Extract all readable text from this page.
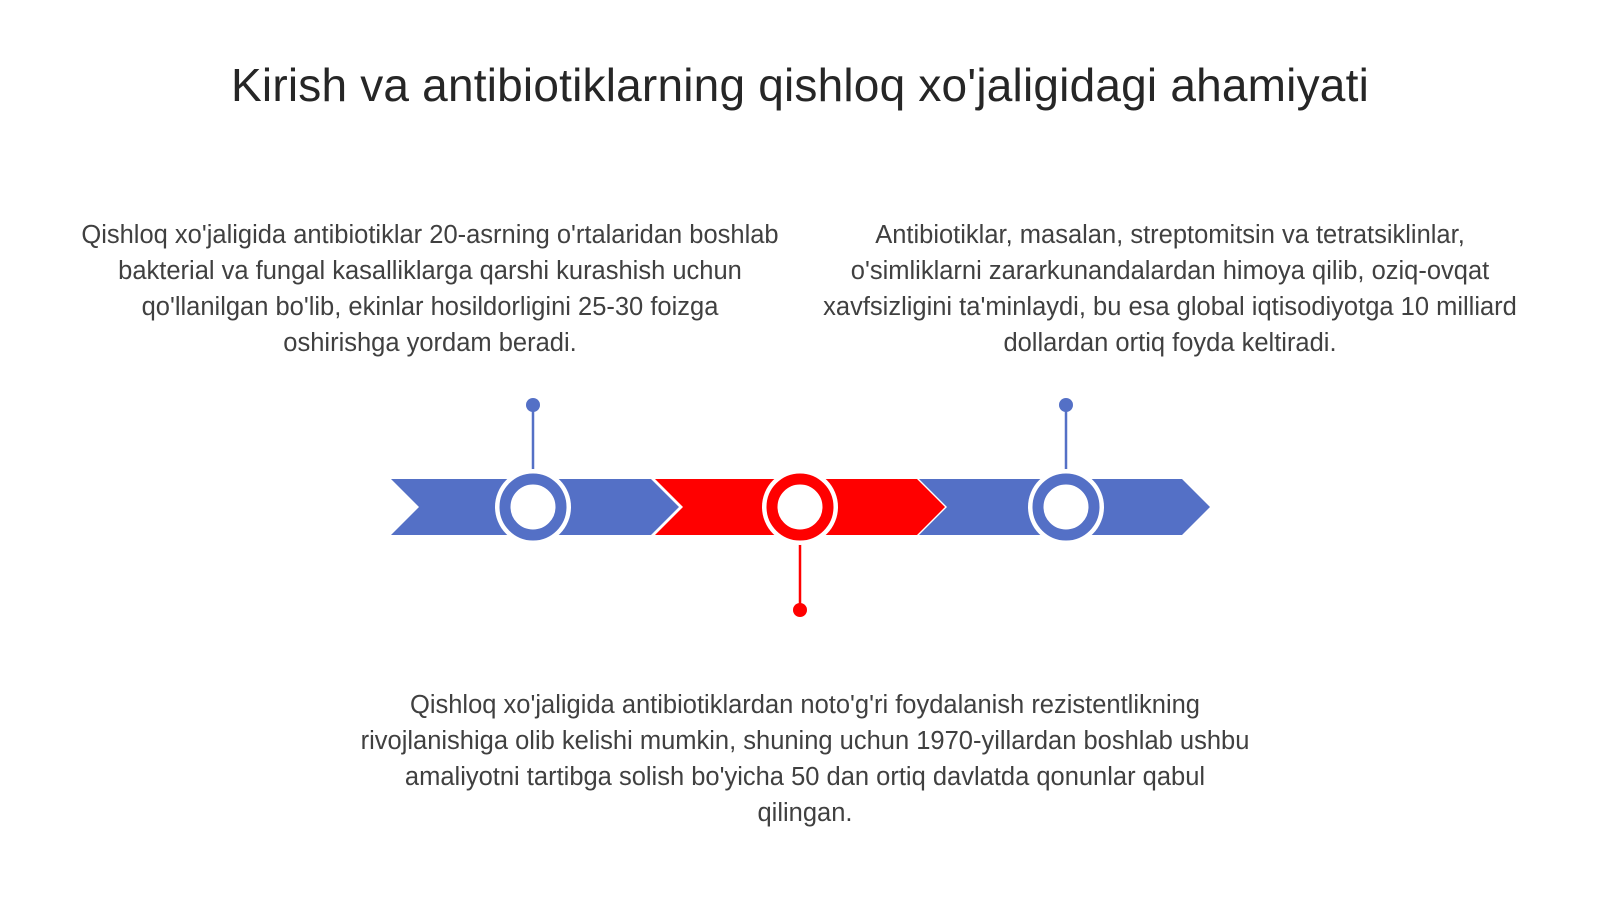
Kirish va antibiotiklarning qishloq xo'jaligidagi ahamiyati
Qishloq xo'jaligida antibiotiklar 20-asrning o'rtalaridan boshlab bakterial va fungal kasalliklarga qarshi kurashish uchun qo'llanilgan bo'lib, ekinlar hosildorligini 25-30 foizga oshirishga yordam beradi.
Antibiotiklar, masalan, streptomitsin va tetratsiklinlar, o'simliklarni zararkunandalardan himoya qilib, oziq-ovqat xavfsizligini ta'minlaydi, bu esa global iqtisodiyotga 10 milliard dollardan ortiq foyda keltiradi.
Qishloq xo'jaligida antibiotiklardan noto'g'ri foydalanish rezistentlikning rivojlanishiga olib kelishi mumkin, shuning uchun 1970-yillardan boshlab ushbu amaliyotni tartibga solish bo'yicha 50 dan ortiq davlatda qonunlar qabul qilingan.
